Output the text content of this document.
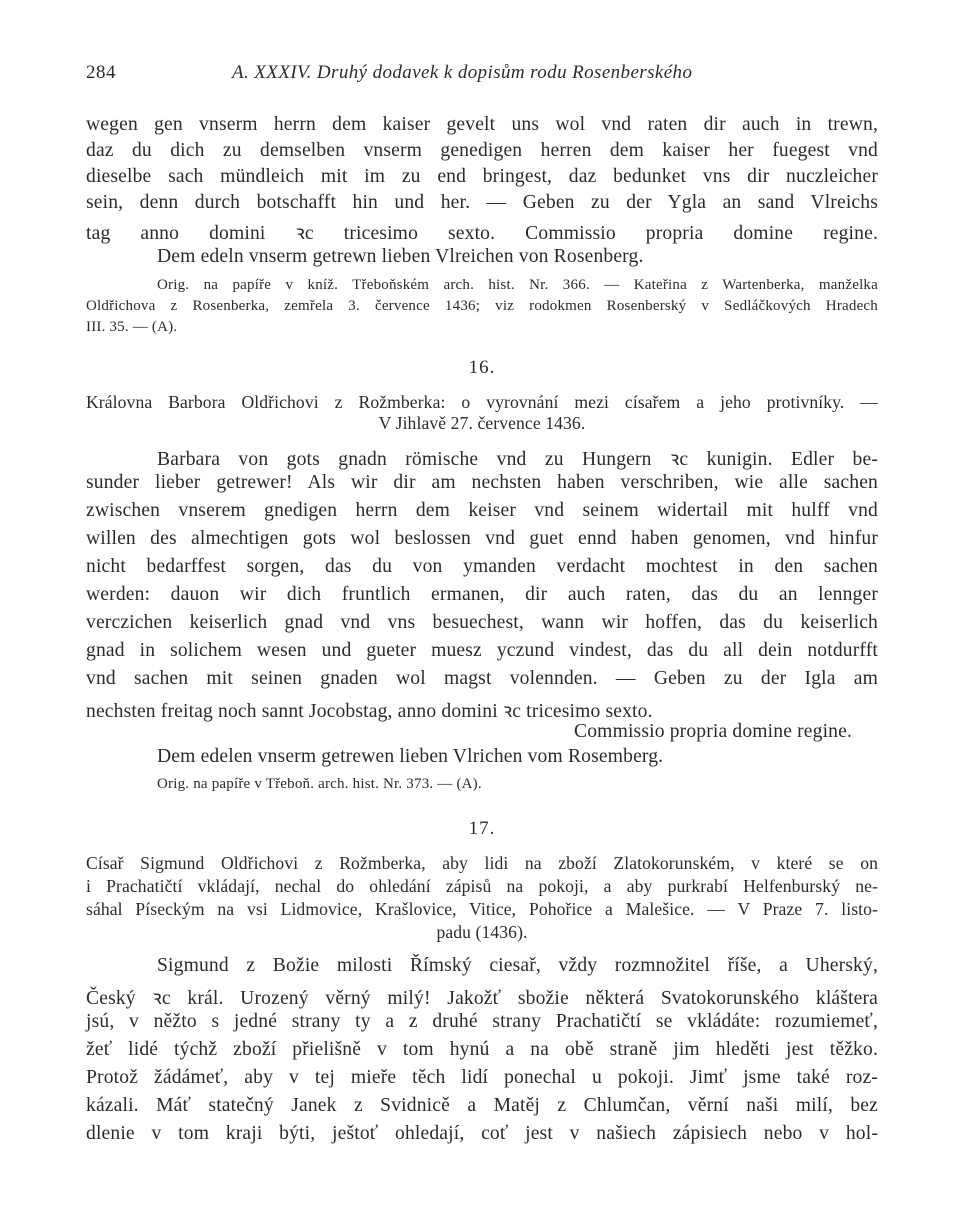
284	A. XXXIV. Druhý dodavek k dopisům rodu Rosenberského
wegen gen vnserm herrn dem kaiser gevelt uns wol vnd raten dir auch in trewn,
daz du dich zu demselben vnserm genedigen herren dem kaiser her fuegest vnd
dieselbe sach mündleich mit im zu end bringest, daz bedunket vns dir nuczleicher
sein, denn durch botschafft hin und her. — Geben zu der Ygla an sand Vlreichs
tag anno domini ꝛc tricesimo sexto. Commissio propria domine regine.
Dem edeln vnserm getrewn lieben Vlreichen von Rosenberg.
Orig. na papíře v kníž. Třeboňském arch. hist. Nr. 366. — Kateřina z Wartenberka, manželka
Oldřichova z Rosenberka, zemřela 3. července 1436; viz rodokmen Rosenberský v Sedláčkových Hradech
III. 35. — (A).
16.
Královna Barbora Oldřichovi z Rožmberka: o vyrovnání mezi císařem a jeho protivníky. —
V Jihlavě 27. července 1436.
Barbara von gots gnadn römische vnd zu Hungern ꝛc kunigin. Edler be-
sunder lieber getrewer! Als wir dir am nechsten haben verschriben, wie alle sachen
zwischen vnserem gnedigen herrn dem keiser vnd seinem widertail mit hulff vnd
willen des almechtigen gots wol beslossen vnd guet ennd haben genomen, vnd hinfur
nicht bedarffest sorgen, das du von ymanden verdacht mochtest in den sachen
werden: dauon wir dich fruntlich ermanen, dir auch raten, das du an lennger
verczichen keiserlich gnad vnd vns besuechest, wann wir hoffen, das du keiserlich
gnad in solichem wesen und gueter muesz yczund vindest, das du all dein notdurfft
vnd sachen mit seinen gnaden wol magst volennden. — Geben zu der Igla am
nechsten freitag noch sannt Jocobstag, anno domini ꝛc tricesimo sexto.
Commissio propria domine regine.
Dem edelen vnserm getrewen lieben Vlrichen vom Rosemberg.
Orig. na papíře v Třeboň. arch. hist. Nr. 373. — (A).
17.
Císař Sigmund Oldřichovi z Rožmberka, aby lidi na zboží Zlatokorunském, v které se on
i Prachatičtí vkládají, nechal do ohledání zápisů na pokoji, a aby purkrabí Helfenburský ne-
sáhal Píseckým na vsi Lidmovice, Krašlovice, Vitice, Pohořice a Malešice. — V Praze 7. listo-
padu (1436).
Sigmund z Božie milosti Římský ciesař, vždy rozmnožitel říše, a Uherský,
Český ꝛc král. Urozený věrný milý! Jakožť sbožie některá Svatokorunského kláštera
jsú, v něžto s jedné strany ty a z druhé strany Prachatičtí se vkládáte: rozumiemeť,
žeť lidé týchž zboží přielišně v tom hynú a na obě straně jim hleděti jest těžko.
Protož žádámeť, aby v tej mieře těch lidí ponechal u pokoji. Jimť jsme také roz-
kázali. Máť statečný Janek z Svidnicě a Matěj z Chlumčan, věrní naši milí, bez
dlenie v tom kraji býti, ještoť ohledají, coť jest v našiech zápisiech nebo v hol-
